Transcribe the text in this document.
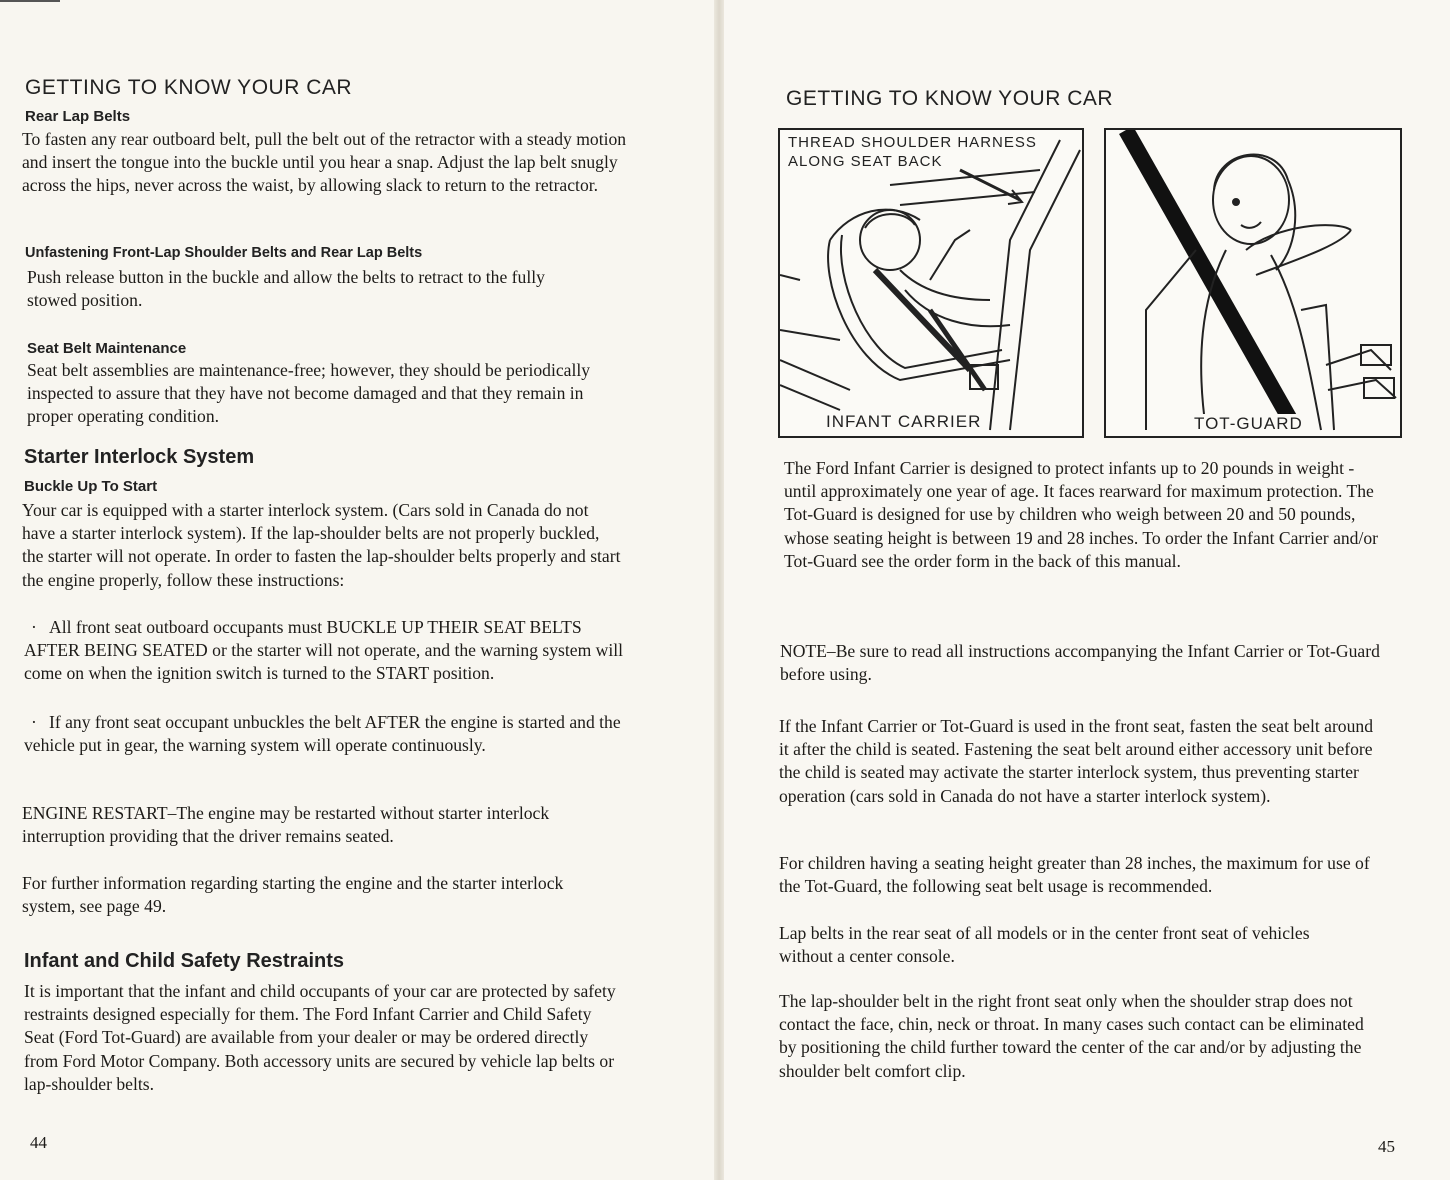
GETTING TO KNOW YOUR CAR
Rear Lap Belts

To fasten any rear outboard belt, pull the belt out of the retractor with a steady motion and insert the tongue into the buckle until you hear a snap. Adjust the lap belt snugly across the hips, never across the waist, by allowing slack to return to the retractor.

Unfastening Front-Lap Shoulder Belts and Rear Lap Belts

Push release button in the buckle and allow the belts to retract to the fully stowed position.

Seat Belt Maintenance

Seat belt assemblies are maintenance-free; however, they should be periodically inspected to assure that they have not become damaged and that they remain in proper operating condition.

Starter Interlock System
Buckle Up To Start

Your car is equipped with a starter interlock system. (Cars sold in Canada do not have a starter interlock system). If the lap-shoulder belts are not properly buckled, the starter will not operate. In order to fasten the lap-shoulder belts properly and start the engine properly, follow these instructions:

· All front seat outboard occupants must BUCKLE UP THEIR SEAT BELTS AFTER BEING SEATED or the starter will not operate, and the warning system will come on when the ignition switch is turned to the START position.

· If any front seat occupant unbuckles the belt AFTER the engine is started and the vehicle put in gear, the warning system will operate continuously.

ENGINE RESTART–The engine may be restarted without starter interlock interruption providing that the driver remains seated.

For further information regarding starting the engine and the starter interlock system, see page 49.

Infant and Child Safety Restraints

It is important that the infant and child occupants of your car are protected by safety restraints designed especially for them. The Ford Infant Carrier and Child Safety Seat (Ford Tot-Guard) are available from your dealer or may be ordered directly from Ford Motor Company. Both accessory units are secured by vehicle lap belts or lap-shoulder belts.

44

GETTING TO KNOW YOUR CAR
THREAD SHOULDER HARNESS
ALONG SEAT BACK
INFANT CARRIER	TOT-GUARD

The Ford Infant Carrier is designed to protect infants up to 20 pounds in weight - until approximately one year of age. It faces rearward for maximum protection. The Tot-Guard is designed for use by children who weigh between 20 and 50 pounds, whose seating height is between 19 and 28 inches. To order the Infant Carrier and/or Tot-Guard see the order form in the back of this manual.

NOTE–Be sure to read all instructions accompanying the Infant Carrier or Tot-Guard before using.

If the Infant Carrier or Tot-Guard is used in the front seat, fasten the seat belt around it after the child is seated. Fastening the seat belt around either accessory unit before the child is seated may activate the starter interlock system, thus preventing starter operation (cars sold in Canada do not have a starter interlock system).

For children having a seating height greater than 28 inches, the maximum for use of the Tot-Guard, the following seat belt usage is recommended.

Lap belts in the rear seat of all models or in the center front seat of vehicles without a center console.

The lap-shoulder belt in the right front seat only when the shoulder strap does not contact the face, chin, neck or throat. In many cases such contact can be eliminated by positioning the child further toward the center of the car and/or by adjusting the shoulder belt comfort clip.

45
